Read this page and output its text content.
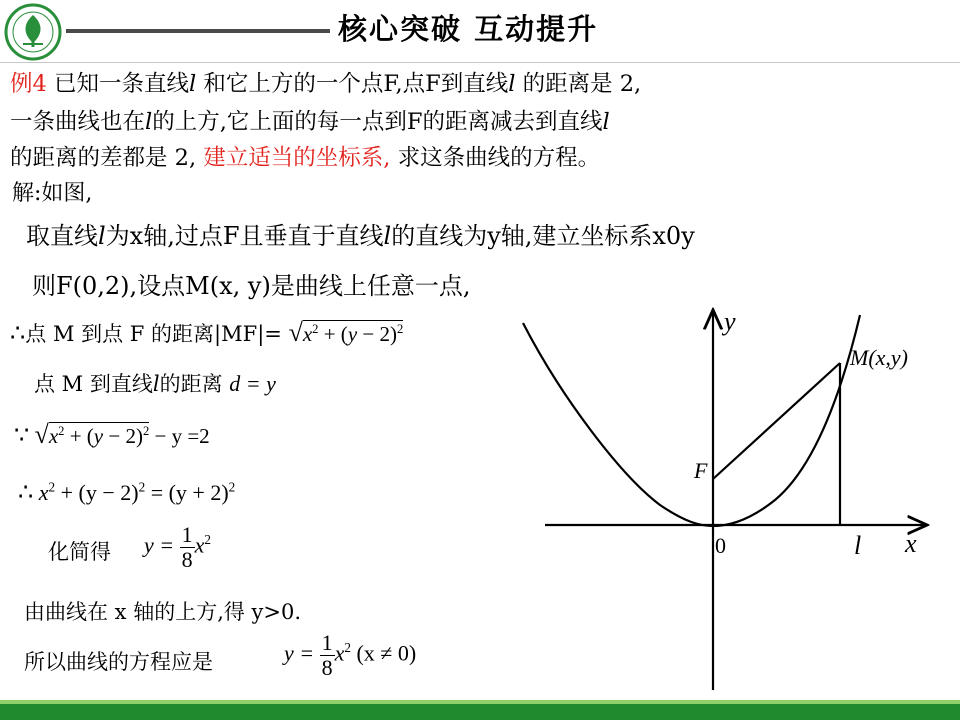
核心突破 互动提升
例4 已知一条直线l 和它上方的一个点F,点F到直线l 的距离是 2,
一条曲线也在l的上方,它上面的每一点到F的距离减去到直线l
的距离的差都是 2, 建立适当的坐标系, 求这条曲线的方程。
解:如图,
取直线l为x轴,过点F且垂直于直线l的直线为y轴,建立坐标系x0y
则F(0,2),设点M(x, y)是曲线上任意一点,
∴点 M 到点 F 的距离$|MF|= √x^2 + (y - 2)^2$
点 M 到直线l的距离 d = y
∵ $√x^2 + (y - 2)^2 - y =2$
∴ $x^2 + (y - 2)^2 = (y + 2)^2$
化简得 $y = \frac{1}{8} x^2$
由曲线在 x 轴的上方,得 y>0.
所以曲线的方程应是	$y = \frac{1}{8} x^2$ (x ≠ 0)
y
x
0	l
F
M(x,y)
